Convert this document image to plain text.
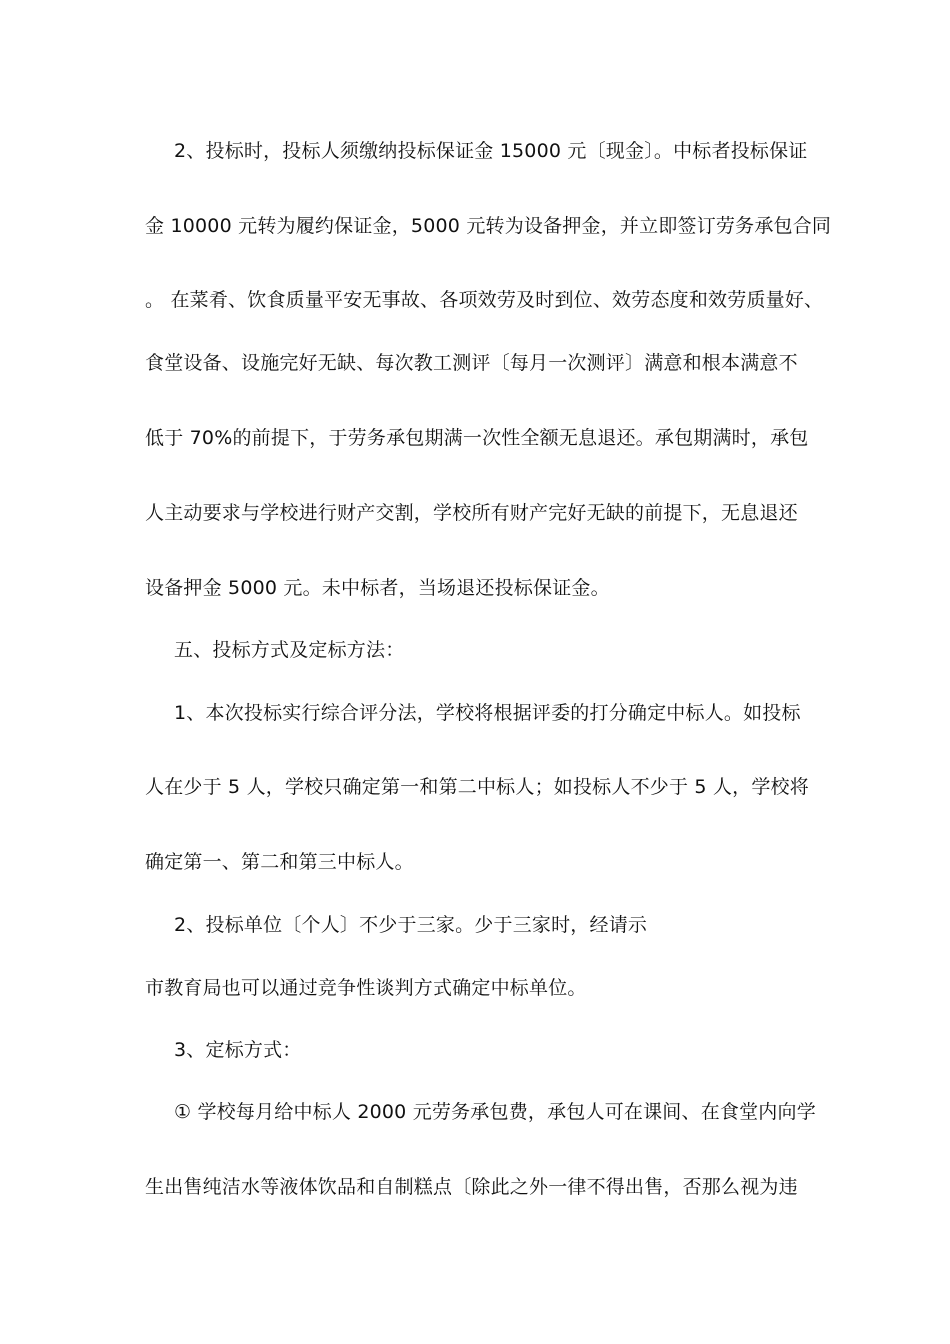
2、投标时，投标人须缴纳投标保证金 15000 元〔现金〕。中标者投标保证
金 10000 元转为履约保证金，5000 元转为设备押金，并立即签订劳务承包合同
。 在菜肴、饮食质量平安无事故、各项效劳及时到位、效劳态度和效劳质量好、
食堂设备、设施完好无缺、每次教工测评〔每月一次测评〕满意和根本满意不
低于 70%的前提下，于劳务承包期满一次性全额无息退还。承包期满时，承包
人主动要求与学校进行财产交割，学校所有财产完好无缺的前提下，无息退还
设备押金 5000 元。未中标者，当场退还投标保证金。
五、投标方式及定标方法：
1、本次投标实行综合评分法，学校将根据评委的打分确定中标人。如投标
人在少于 5 人，学校只确定第一和第二中标人；如投标人不少于 5 人，学校将
确定第一、第二和第三中标人。
2、投标单位〔个人〕不少于三家。少于三家时，经请示
市教育局也可以通过竞争性谈判方式确定中标单位。
3、定标方式：
① 学校每月给中标人 2000 元劳务承包费，承包人可在课间、在食堂内向学
生出售纯洁水等液体饮品和自制糕点〔除此之外一律不得出售，否那么视为违
